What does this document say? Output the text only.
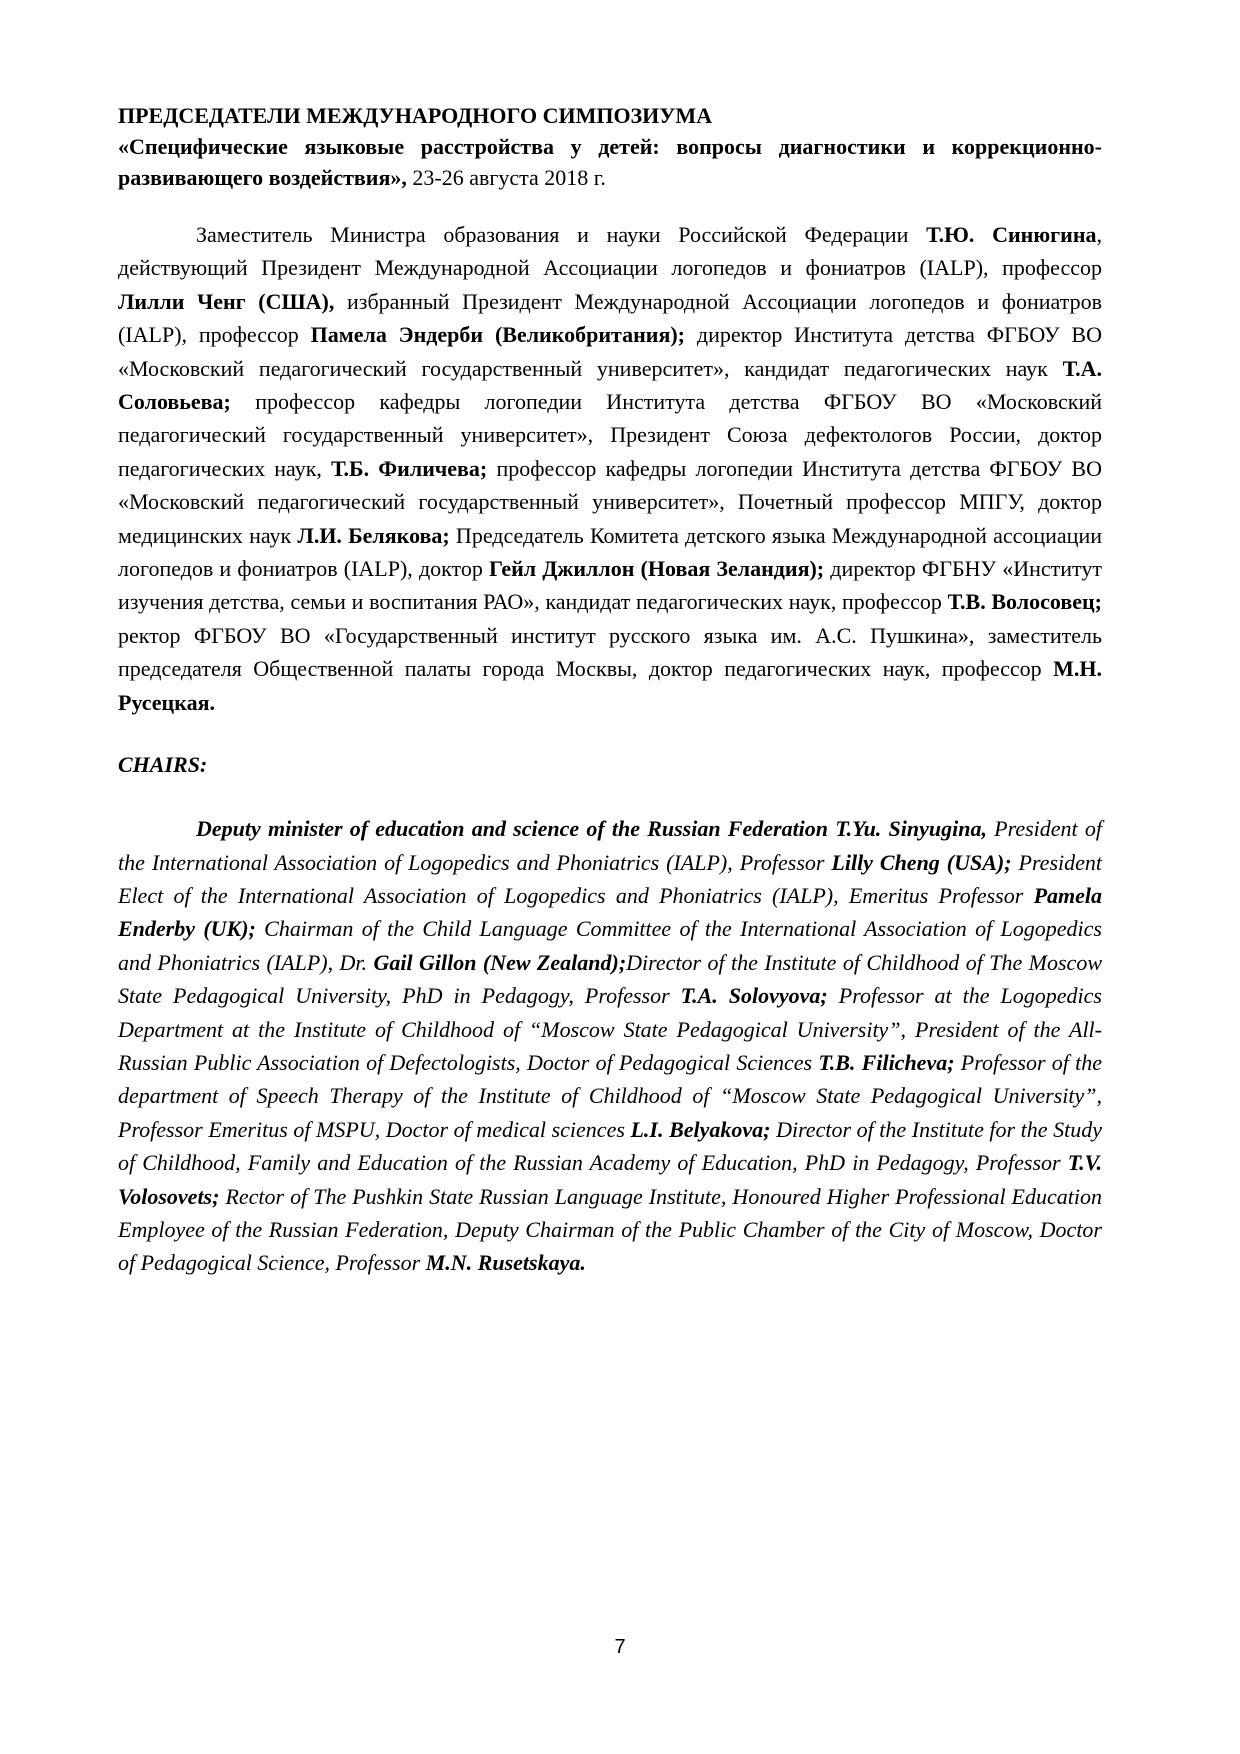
ПРЕДСЕДАТЕЛИ МЕЖДУНАРОДНОГО СИМПОЗИУМА

«Специфические языковые расстройства у детей: вопросы диагностики и коррекционно-развивающего воздействия», 23-26 августа 2018 г.

Заместитель Министра образования и науки Российской Федерации Т.Ю. Синюгина, действующий Президент Международной Ассоциации логопедов и фониатров (IALP), профессор Лилли Ченг (США), избранный Президент Международной Ассоциации логопедов и фониатров (IALP), профессор Памела Эндерби (Великобритания); директор Института детства ФГБОУ ВО «Московский педагогический государственный университет», кандидат педагогических наук Т.А. Соловьева; профессор кафедры логопедии Института детства ФГБОУ ВО «Московский педагогический государственный университет», Президент Союза дефектологов России, доктор педагогических наук, Т.Б. Филичева; профессор кафедры логопедии Института детства ФГБОУ ВО «Московский педагогический государственный университет», Почетный профессор МПГУ, доктор медицинских наук Л.И. Белякова; Председатель Комитета детского языка Международной ассоциации логопедов и фониатров (IALP), доктор Гейл Джиллон (Новая Зеландия); директор ФГБНУ «Институт изучения детства, семьи и воспитания РАО», кандидат педагогических наук, профессор Т.В. Волосовец; ректор ФГБОУ ВО «Государственный институт русского языка им. А.С. Пушкина», заместитель председателя Общественной палаты города Москвы, доктор педагогических наук, профессор М.Н. Русецкая.

CHAIRS:

Deputy minister of education and science of the Russian Federation T.Yu. Sinyugina, President of the International Association of Logopedics and Phoniatrics (IALP), Professor Lilly Cheng (USA); President Elect of the International Association of Logopedics and Phoniatrics (IALP), Emeritus Professor Pamela Enderby (UK); Chairman of the Child Language Committee of the International Association of Logopedics and Phoniatrics (IALP), Dr. Gail Gillon (New Zealand);Director of the Institute of Childhood of The Moscow State Pedagogical University, PhD in Pedagogy, Professor T.A. Solovyova; Professor at the Logopedics Department at the Institute of Childhood of “Moscow State Pedagogical University”, President of the All-Russian Public Association of Defectologists, Doctor of Pedagogical Sciences T.B. Filicheva; Professor of the department of Speech Therapy of the Institute of Childhood of “Moscow State Pedagogical University”, Professor Emeritus of MSPU, Doctor of medical sciences L.I. Belyakova; Director of the Institute for the Study of Childhood, Family and Education of the Russian Academy of Education, PhD in Pedagogy, Professor T.V. Volosovets; Rector of The Pushkin State Russian Language Institute, Honoured Higher Professional Education Employee of the Russian Federation, Deputy Chairman of the Public Chamber of the City of Moscow, Doctor of Pedagogical Science, Professor M.N. Rusetskaya.

7
